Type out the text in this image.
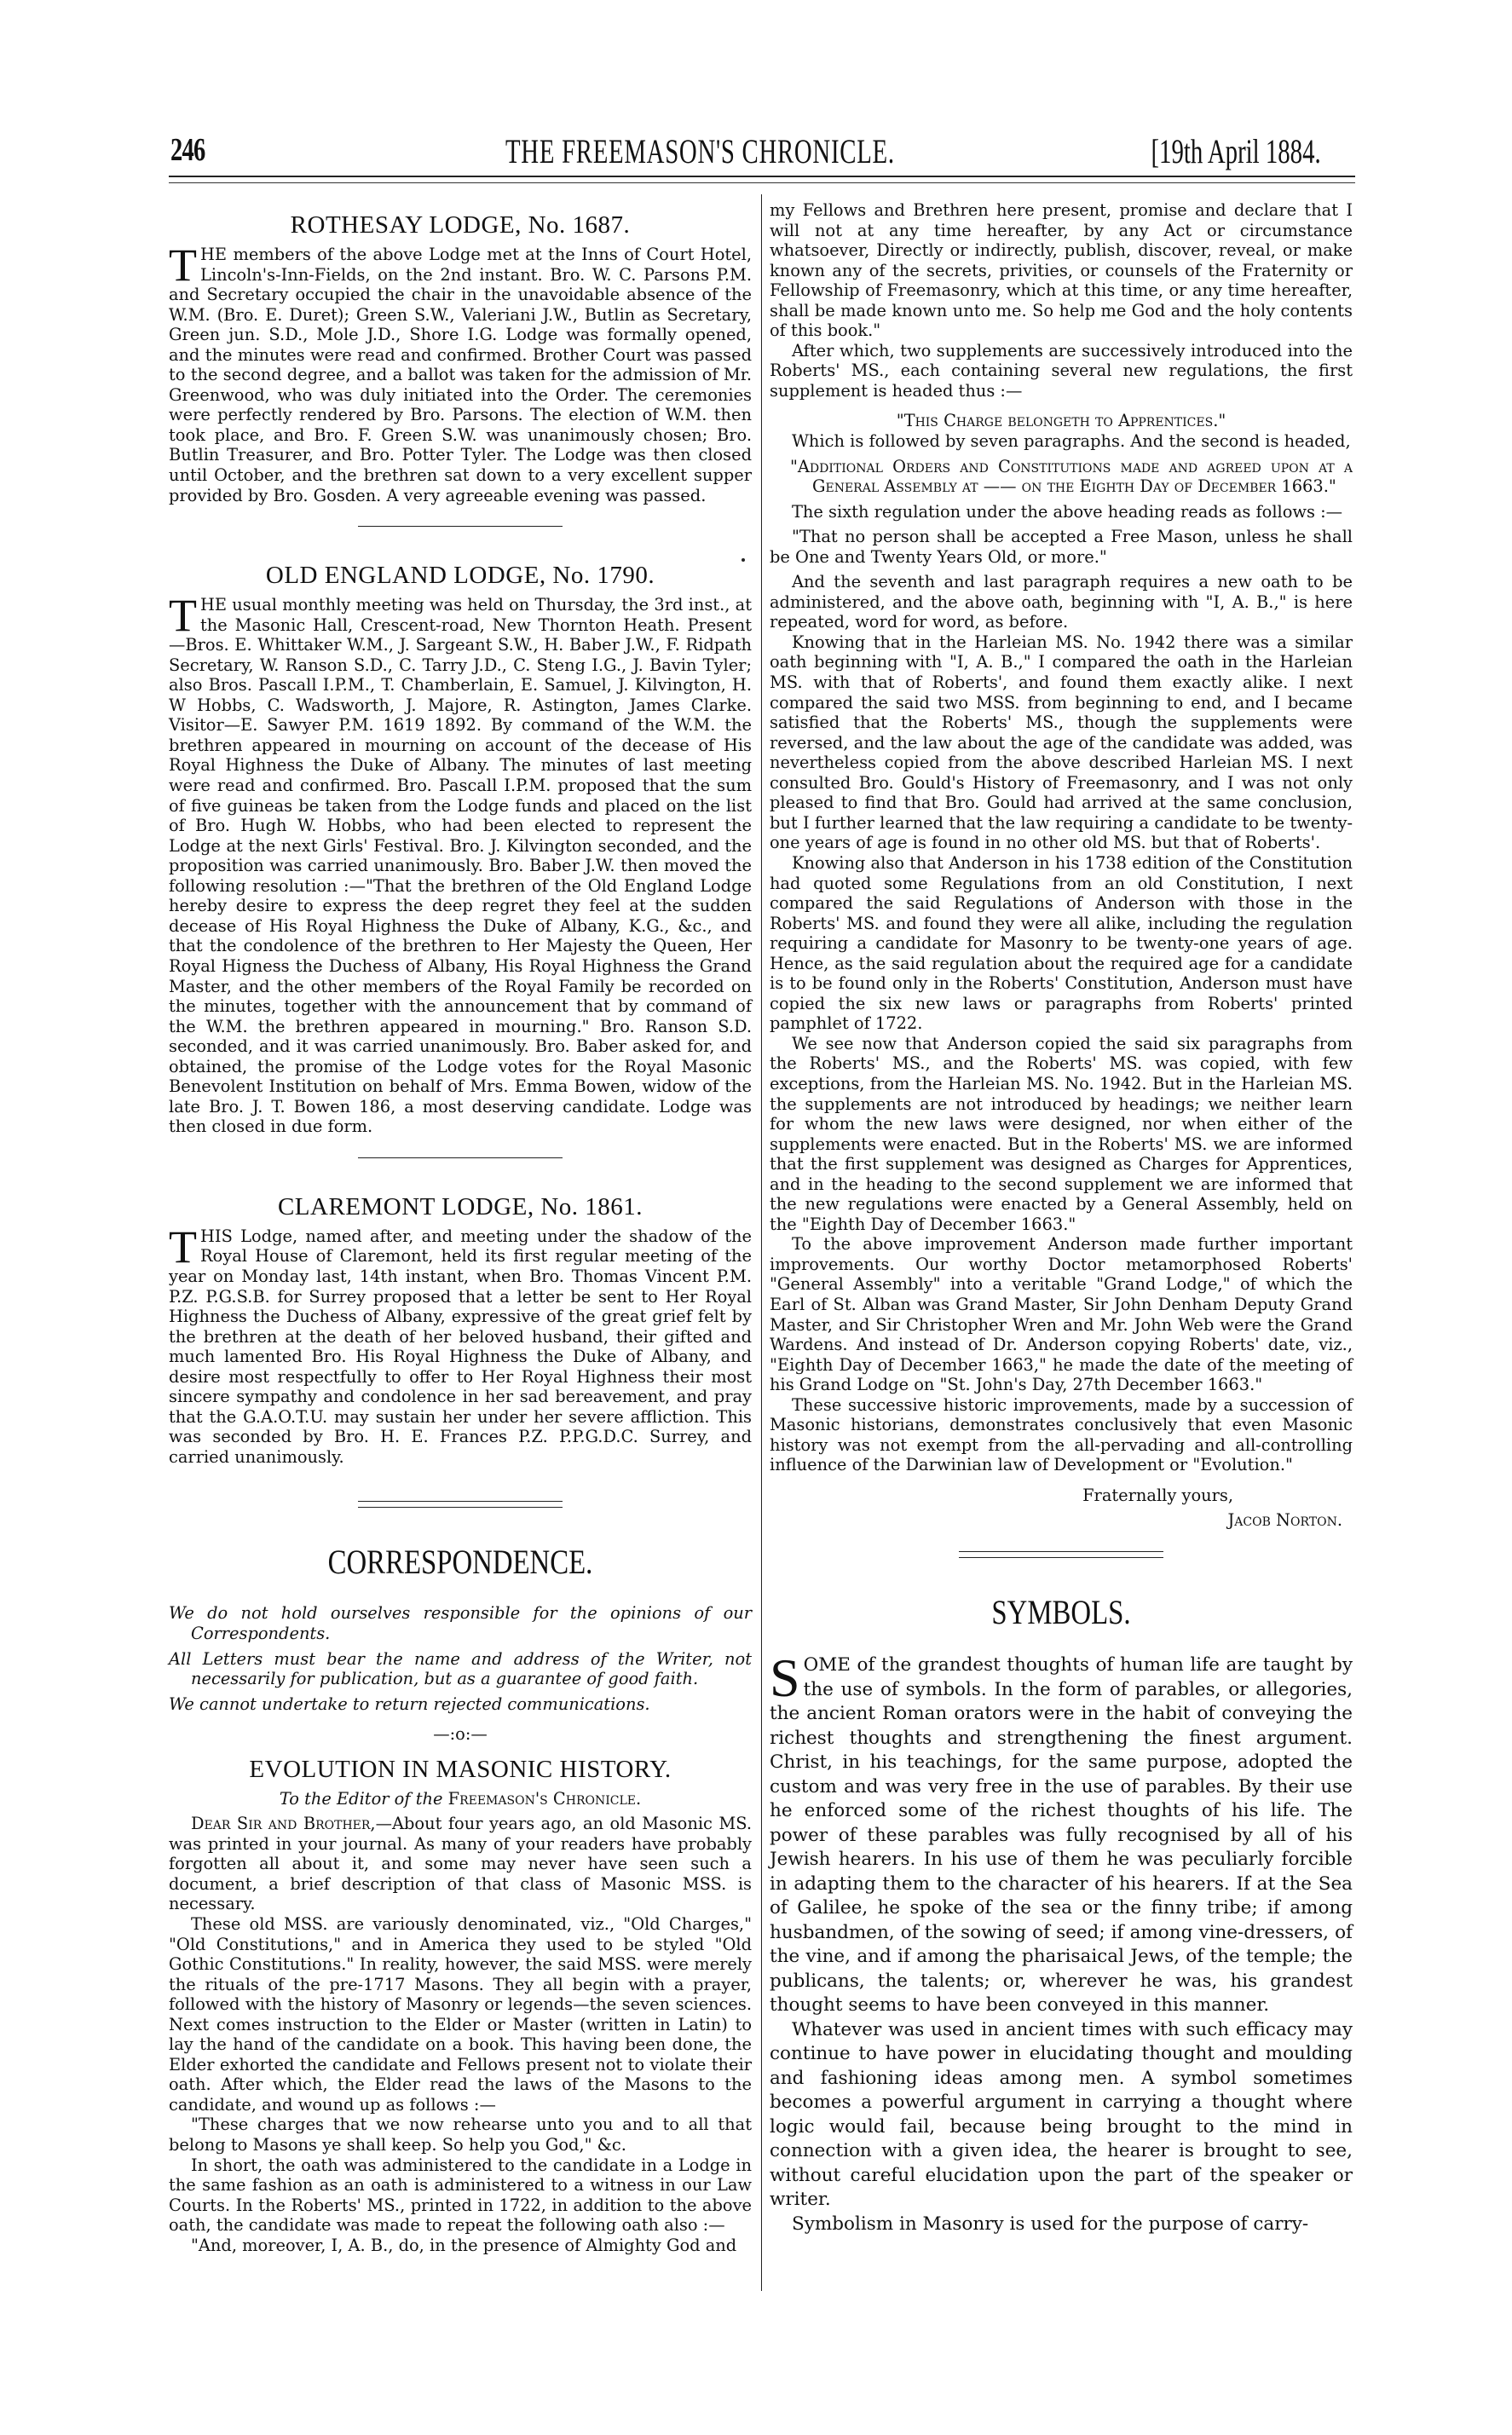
246	THE FREEMASON'S CHRONICLE.	[19th April 1884.
ROTHESAY LODGE, No. 1687.

THE members of the above Lodge met at the Inns of Court Hotel, Lincoln's-Inn-Fields, on the 2nd instant. Bro. W. C. Parsons P.M. and Secretary occupied the chair in the unavoidable absence of the W.M. (Bro. E. Duret); Green S.W., Valeriani J.W., Butlin as Secretary, Green jun. S.D., Mole J.D., Shore I.G. Lodge was formally opened, and the minutes were read and confirmed. Brother Court was passed to the second degree, and a ballot was taken for the admission of Mr. Greenwood, who was duly initiated into the Order. The ceremonies were perfectly rendered by Bro. Parsons. The election of W.M. then took place, and Bro. F. Green S.W. was unanimously chosen; Bro. Butlin Treasurer, and Bro. Potter Tyler. The Lodge was then closed until October, and the brethren sat down to a very excellent supper provided by Bro. Gosden. A very agreeable evening was passed.

OLD ENGLAND LODGE, No. 1790.

THE usual monthly meeting was held on Thursday, the 3rd inst., at the Masonic Hall, Crescent-road, New Thornton Heath. Present—Bros. E. Whittaker W.M., J. Sargeant S.W., H. Baber J.W., F. Ridpath Secretary, W. Ranson S.D., C. Tarry J.D., C. Steng I.G., J. Bavin Tyler; also Bros. Pascall I.P.M., T. Chamberlain, E. Samuel, J. Kilvington, H. W Hobbs, C. Wadsworth, J. Majore, R. Astington, James Clarke. Visitor—E. Sawyer P.M. 1619 1892. By command of the W.M. the brethren appeared in mourning on account of the decease of His Royal Highness the Duke of Albany. The minutes of last meeting were read and confirmed. Bro. Pascall I.P.M. proposed that the sum of five guineas be taken from the Lodge funds and placed on the list of Bro. Hugh W. Hobbs, who had been elected to represent the Lodge at the next Girls' Festival. Bro. J. Kilvington seconded, and the proposition was carried unanimously. Bro. Baber J.W. then moved the following resolution :—"That the brethren of the Old England Lodge hereby desire to express the deep regret they feel at the sudden decease of His Royal Highness the Duke of Albany, K.G., &c., and that the condolence of the brethren to Her Majesty the Queen, Her Royal Higness the Duchess of Albany, His Royal Highness the Grand Master, and the other members of the Royal Family be recorded on the minutes, together with the announcement that by command of the W.M. the brethren appeared in mourning." Bro. Ranson S.D. seconded, and it was carried unanimously. Bro. Baber asked for, and obtained, the promise of the Lodge votes for the Royal Masonic Benevolent Institution on behalf of Mrs. Emma Bowen, widow of the late Bro. J. T. Bowen 186, a most deserving candidate. Lodge was then closed in due form.

CLAREMONT LODGE, No. 1861.

THIS Lodge, named after, and meeting under the shadow of the Royal House of Claremont, held its first regular meeting of the year on Monday last, 14th instant, when Bro. Thomas Vincent P.M. P.Z. P.G.S.B. for Surrey proposed that a letter be sent to Her Royal Highness the Duchess of Albany, expressive of the great grief felt by the brethren at the death of her beloved husband, their gifted and much lamented Bro. His Royal Highness the Duke of Albany, and desire most respectfully to offer to Her Royal Highness their most sincere sympathy and condolence in her sad bereavement, and pray that the G.A.O.T.U. may sustain her under her severe affliction. This was seconded by Bro. H. E. Frances P.Z. P.P.G.D.C. Surrey, and carried unanimously.

CORRESPONDENCE.

We do not hold ourselves responsible for the opinions of our Correspondents.

All Letters must bear the name and address of the Writer, not necessarily for publication, but as a guarantee of good faith.

We cannot undertake to return rejected communications.

—:o:—

EVOLUTION IN MASONIC HISTORY.

To the Editor of the Freemason's Chronicle.

Dear Sir and Brother,—About four years ago, an old Masonic MS. was printed in your journal. As many of your readers have probably forgotten all about it, and some may never have seen such a document, a brief description of that class of Masonic MSS. is necessary.

These old MSS. are variously denominated, viz., "Old Charges," "Old Constitutions," and in America they used to be styled "Old Gothic Constitutions." In reality, however, the said MSS. were merely the rituals of the pre-1717 Masons. They all begin with a prayer, followed with the history of Masonry or legends—the seven sciences. Next comes instruction to the Elder or Master (written in Latin) to lay the hand of the candidate on a book. This having been done, the Elder exhorted the candidate and Fellows present not to violate their oath. After which, the Elder read the laws of the Masons to the candidate, and wound up as follows :—

"These charges that we now rehearse unto you and to all that belong to Masons ye shall keep. So help you God," &c.

In short, the oath was administered to the candidate in a Lodge in the same fashion as an oath is administered to a witness in our Law Courts. In the Roberts' MS., printed in 1722, in addition to the above oath, the candidate was made to repeat the following oath also :—

"And, moreover, I, A. B., do, in the presence of Almighty God and

my Fellows and Brethren here present, promise and declare that I will not at any time hereafter, by any Act or circumstance whatsoever, Directly or indirectly, publish, discover, reveal, or make known any of the secrets, privities, or counsels of the Fraternity or Fellowship of Freemasonry, which at this time, or any time hereafter, shall be made known unto me. So help me God and the holy contents of this book."

After which, two supplements are successively introduced into the Roberts' MS., each containing several new regulations, the first supplement is headed thus :—

"This Charge belongeth to Apprentices."

Which is followed by seven paragraphs. And the second is headed,

"Additional Orders and Constitutions made and agreed upon at a General Assembly at —— on the Eighth Day of December 1663."

The sixth regulation under the above heading reads as follows :—

"That no person shall be accepted a Free Mason, unless he shall be One and Twenty Years Old, or more."

And the seventh and last paragraph requires a new oath to be administered, and the above oath, beginning with "I, A. B.," is here repeated, word for word, as before.

Knowing that in the Harleian MS. No. 1942 there was a similar oath beginning with "I, A. B.," I compared the oath in the Harleian MS. with that of Roberts', and found them exactly alike. I next compared the said two MSS. from beginning to end, and I became satisfied that the Roberts' MS., though the supplements were reversed, and the law about the age of the candidate was added, was nevertheless copied from the above described Harleian MS. I next consulted Bro. Gould's History of Freemasonry, and I was not only pleased to find that Bro. Gould had arrived at the same conclusion, but I further learned that the law requiring a candidate to be twenty-one years of age is found in no other old MS. but that of Roberts'.

Knowing also that Anderson in his 1738 edition of the Constitution had quoted some Regulations from an old Constitution, I next compared the said Regulations of Anderson with those in the Roberts' MS. and found they were all alike, including the regulation requiring a candidate for Masonry to be twenty-one years of age. Hence, as the said regulation about the required age for a candidate is to be found only in the Roberts' Constitution, Anderson must have copied the six new laws or paragraphs from Roberts' printed pamphlet of 1722.

We see now that Anderson copied the said six paragraphs from the Roberts' MS., and the Roberts' MS. was copied, with few exceptions, from the Harleian MS. No. 1942. But in the Harleian MS. the supplements are not introduced by headings; we neither learn for whom the new laws were designed, nor when either of the supplements were enacted. But in the Roberts' MS. we are informed that the first supplement was designed as Charges for Apprentices, and in the heading to the second supplement we are informed that the new regulations were enacted by a General Assembly, held on the "Eighth Day of December 1663."

To the above improvement Anderson made further important improvements. Our worthy Doctor metamorphosed Roberts' "General Assembly" into a veritable "Grand Lodge," of which the Earl of St. Alban was Grand Master, Sir John Denham Deputy Grand Master, and Sir Christopher Wren and Mr. John Web were the Grand Wardens. And instead of Dr. Anderson copying Roberts' date, viz., "Eighth Day of December 1663," he made the date of the meeting of his Grand Lodge on "St. John's Day, 27th December 1663."

These successive historic improvements, made by a succession of Masonic historians, demonstrates conclusively that even Masonic history was not exempt from the all-pervading and all-controlling influence of the Darwinian law of Development or "Evolution."

Fraternally yours,

Jacob Norton.

SYMBOLS.

SOME of the grandest thoughts of human life are taught by the use of symbols. In the form of parables, or allegories, the ancient Roman orators were in the habit of conveying the richest thoughts and strengthening the finest argument. Christ, in his teachings, for the same purpose, adopted the custom and was very free in the use of parables. By their use he enforced some of the richest thoughts of his life. The power of these parables was fully recognised by all of his Jewish hearers. In his use of them he was peculiarly forcible in adapting them to the character of his hearers. If at the Sea of Galilee, he spoke of the sea or the finny tribe; if among husbandmen, of the sowing of seed; if among vine-dressers, of the vine, and if among the pharisaical Jews, of the temple; the publicans, the talents; or, wherever he was, his grandest thought seems to have been conveyed in this manner.

Whatever was used in ancient times with such efficacy may continue to have power in elucidating thought and moulding and fashioning ideas among men. A symbol sometimes becomes a powerful argument in carrying a thought where logic would fail, because being brought to the mind in connection with a given idea, the hearer is brought to see, without careful elucidation upon the part of the speaker or writer.

Symbolism in Masonry is used for the purpose of carry-
